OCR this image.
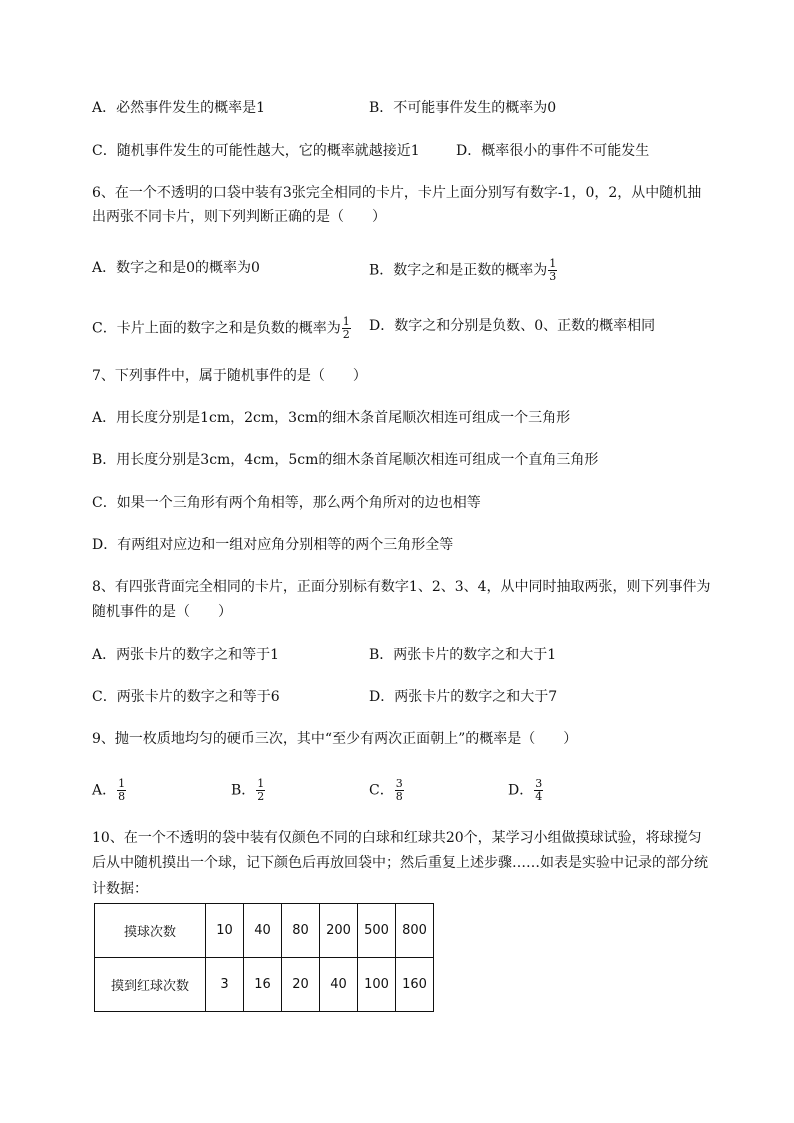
A．必然事件发生的概率是1	B．不可能事件发生的概率为0
C．随机事件发生的可能性越大，它的概率就越接近1	D．概率很小的事件不可能发生
6、在一个不透明的口袋中装有3张完全相同的卡片，卡片上面分别写有数字-1，0，2，从中随机抽
出两张不同卡片，则下列判断正确的是（　　）
A．数字之和是0的概率为0	B．数字之和是正数的概率为 $\frac{1}{3}$
C．卡片上面的数字之和是负数的概率为 $\frac{1}{2}$ D．数字之和分别是负数、0、正数的概率相同
7、下列事件中，属于随机事件的是（　　）
A．用长度分别是1cm，2cm，3cm的细木条首尾顺次相连可组成一个三角形
B．用长度分别是3cm，4cm，5cm的细木条首尾顺次相连可组成一个直角三角形
C．如果一个三角形有两个角相等，那么两个角所对的边也相等
D．有两组对应边和一组对应角分别相等的两个三角形全等
8、有四张背面完全相同的卡片，正面分别标有数字1、2、3、4，从中同时抽取两张，则下列事件为
随机事件的是（　　）
A．两张卡片的数字之和等于1	B．两张卡片的数字之和大于1
C．两张卡片的数字之和等于6	D．两张卡片的数字之和大于7
9、抛一枚质地均匀的硬币三次，其中“至少有两次正面朝上”的概率是（　　）
A． $\frac{1}{8}$	B． $\frac{1}{2}$	C． $\frac{3}{8}$	D． $\frac{3}{4}$
10、在一个不透明的袋中装有仅颜色不同的白球和红球共20个，某学习小组做摸球试验，将球搅匀
后从中随机摸出一个球，记下颜色后再放回袋中；然后重复上述步骤……如表是实验中记录的部分统
计数据：
摸球次数	10	40	80	200	500	800
摸到红球次数	3	16	20	40	100	160
